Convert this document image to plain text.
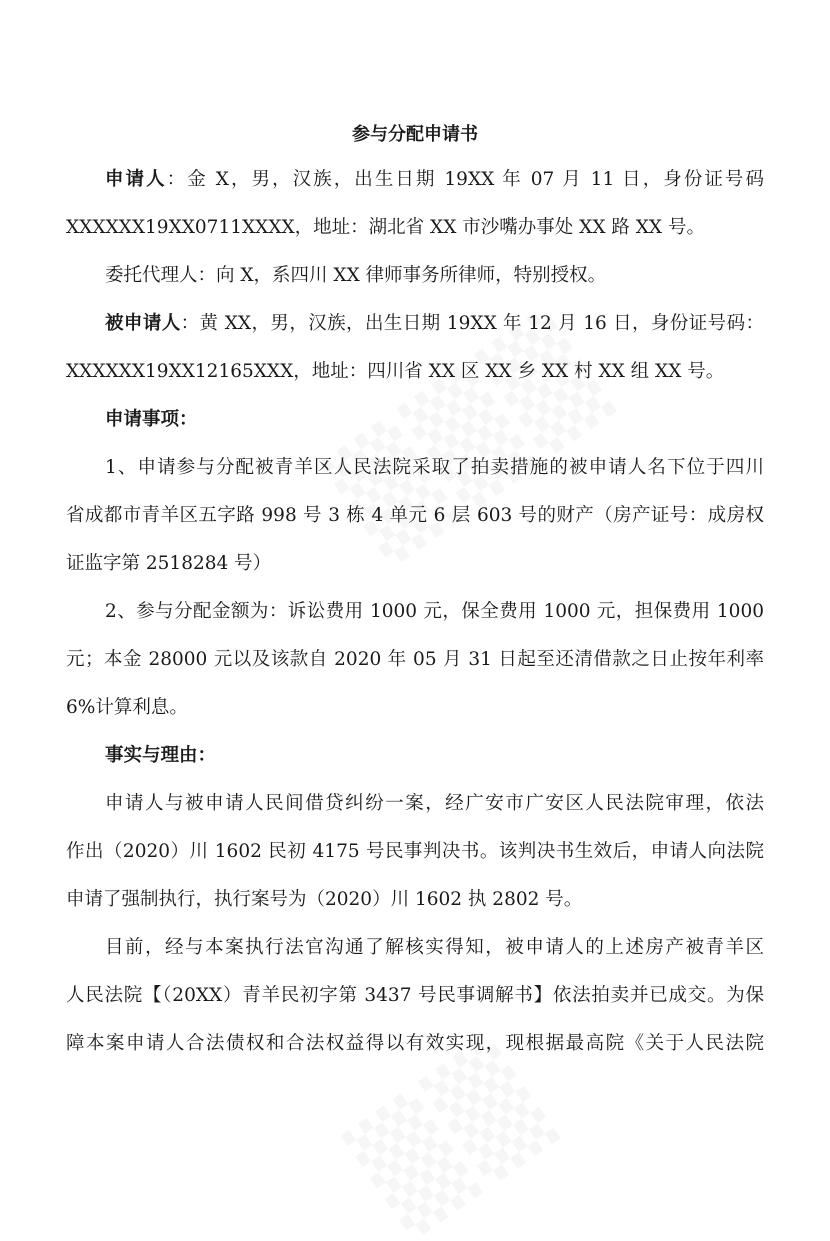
参与分配申请书
申请人：金 X，男，汉族，出生日期 19XX 年 07 月 11 日，身份证号码
XXXXXX19XX0711XXXX，地址：湖北省 XX 市沙嘴办事处 XX 路 XX 号。
委托代理人：向 X，系四川 XX 律师事务所律师，特别授权。
被申请人：黄 XX，男，汉族，出生日期 19XX 年 12 月 16 日，身份证号码：
XXXXXX19XX12165XXX，地址：四川省 XX 区 XX 乡 XX 村 XX 组 XX 号。
申请事项：
1、申请参与分配被青羊区人民法院采取了拍卖措施的被申请人名下位于四川
省成都市青羊区五字路 998 号 3 栋 4 单元 6 层 603 号的财产（房产证号：成房权
证监字第 2518284 号）
2、参与分配金额为：诉讼费用 1000 元，保全费用 1000 元，担保费用 1000
元；本金 28000 元以及该款自 2020 年 05 月 31 日起至还清借款之日止按年利率
6%计算利息。
事实与理由：
申请人与被申请人民间借贷纠纷一案，经广安市广安区人民法院审理，依法
作出（2020）川 1602 民初 4175 号民事判决书。该判决书生效后，申请人向法院
申请了强制执行，执行案号为（2020）川 1602 执 2802 号。
目前，经与本案执行法官沟通了解核实得知，被申请人的上述房产被青羊区
人民法院【（20XX）青羊民初字第 3437 号民事调解书】依法拍卖并已成交。为保
障本案申请人合法债权和合法权益得以有效实现，现根据最高院《关于人民法院
